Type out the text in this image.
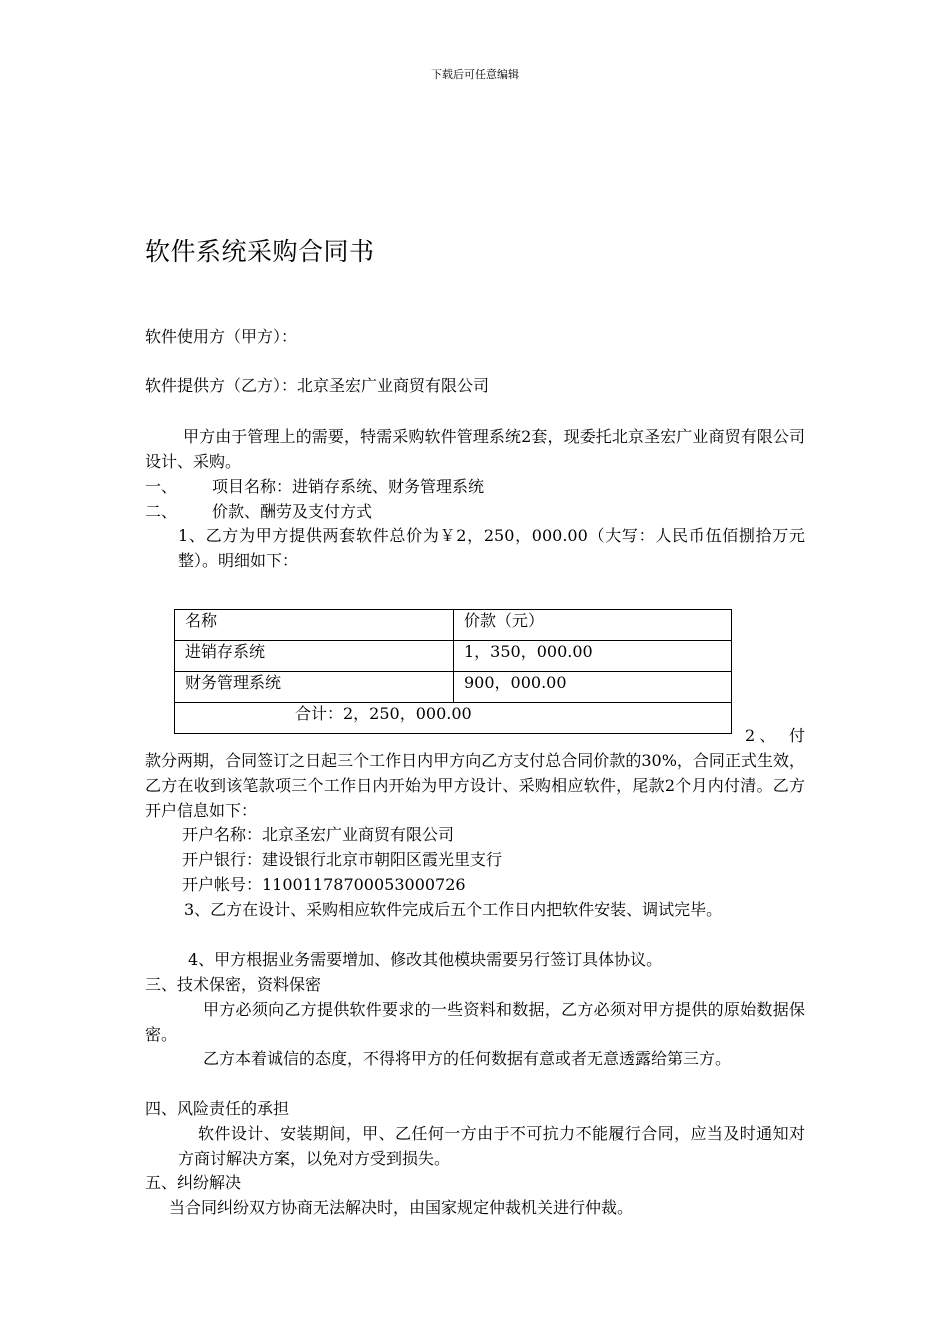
下载后可任意编辑
软件系统采购合同书
软件使用方（甲方）：
软件提供方（乙方）：北京圣宏广业商贸有限公司
甲方由于管理上的需要，特需采购软件管理系统2套，现委托北京圣宏广业商贸有限公司设计、采购。
一、 项目名称：进销存系统、财务管理系统
二、 价款、酬劳及支付方式
1、乙方为甲方提供两套软件总价为￥2，250，000.00（大写：人民币伍佰捌拾万元整）。明细如下：
名称	价款（元）
进销存系统	1，350，000.00
财务管理系统	900，000.00
合计：2，250，000.00	
2、 付
款分两期，合同签订之日起三个工作日内甲方向乙方支付总合同价款的30%，合同正式生效，乙方在收到该笔款项三个工作日内开始为甲方设计、采购相应软件，尾款2个月内付清。乙方开户信息如下：
开户名称：北京圣宏广业商贸有限公司
开户银行：建设银行北京市朝阳区霞光里支行
开户帐号：11001178700053000726
3、乙方在设计、采购相应软件完成后五个工作日内把软件安装、调试完毕。
4、甲方根据业务需要增加、修改其他模块需要另行签订具体协议。
三、技术保密，资料保密
甲方必须向乙方提供软件要求的一些资料和数据，乙方必须对甲方提供的原始数据保密。
乙方本着诚信的态度，不得将甲方的任何数据有意或者无意透露给第三方。
四、风险责任的承担
软件设计、安装期间，甲、乙任何一方由于不可抗力不能履行合同，应当及时通知对方商讨解决方案，以免对方受到损失。
五、纠纷解决
当合同纠纷双方协商无法解决时，由国家规定仲裁机关进行仲裁。
